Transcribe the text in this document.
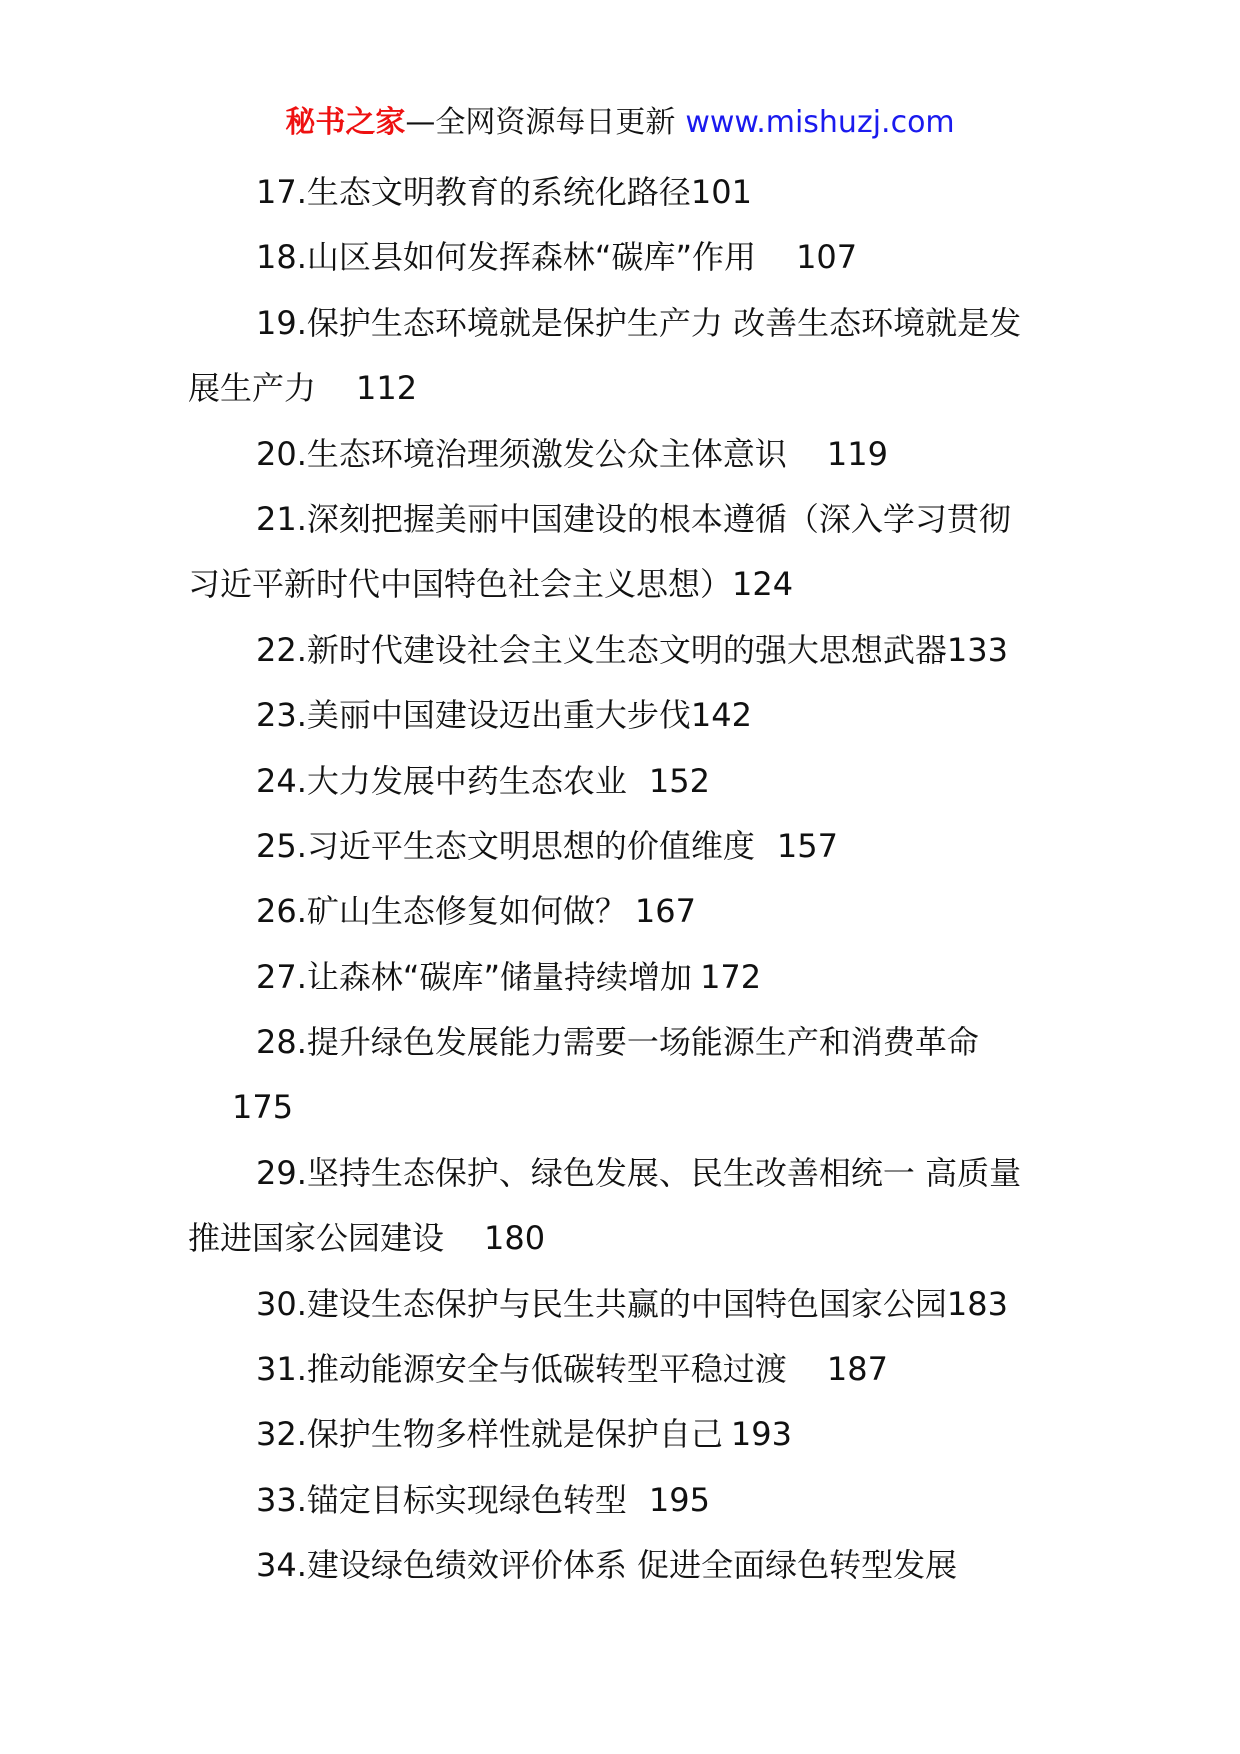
秘书之家—全网资源每日更新 www.mishuzj.com
17.生态文明教育的系统化路径101
18.山区县如何发挥森林“碳库”作用 107
19.保护生态环境就是保护生产力 改善生态环境就是发
展生产力 112
20.生态环境治理须激发公众主体意识 119
21.深刻把握美丽中国建设的根本遵循（深入学习贯彻
习近平新时代中国特色社会主义思想）124
22.新时代建设社会主义生态文明的强大思想武器133
23.美丽中国建设迈出重大步伐142
24.大力发展中药生态农业 152
25.习近平生态文明思想的价值维度 157
26.矿山生态修复如何做？ 167
27.让森林“碳库”储量持续增加 172
28.提升绿色发展能力需要一场能源生产和消费革命
175
29.坚持生态保护、绿色发展、民生改善相统一 高质量
推进国家公园建设 180
30.建设生态保护与民生共赢的中国特色国家公园183
31.推动能源安全与低碳转型平稳过渡 187
32.保护生物多样性就是保护自己 193
33.锚定目标实现绿色转型 195
34.建设绿色绩效评价体系 促进全面绿色转型发展
